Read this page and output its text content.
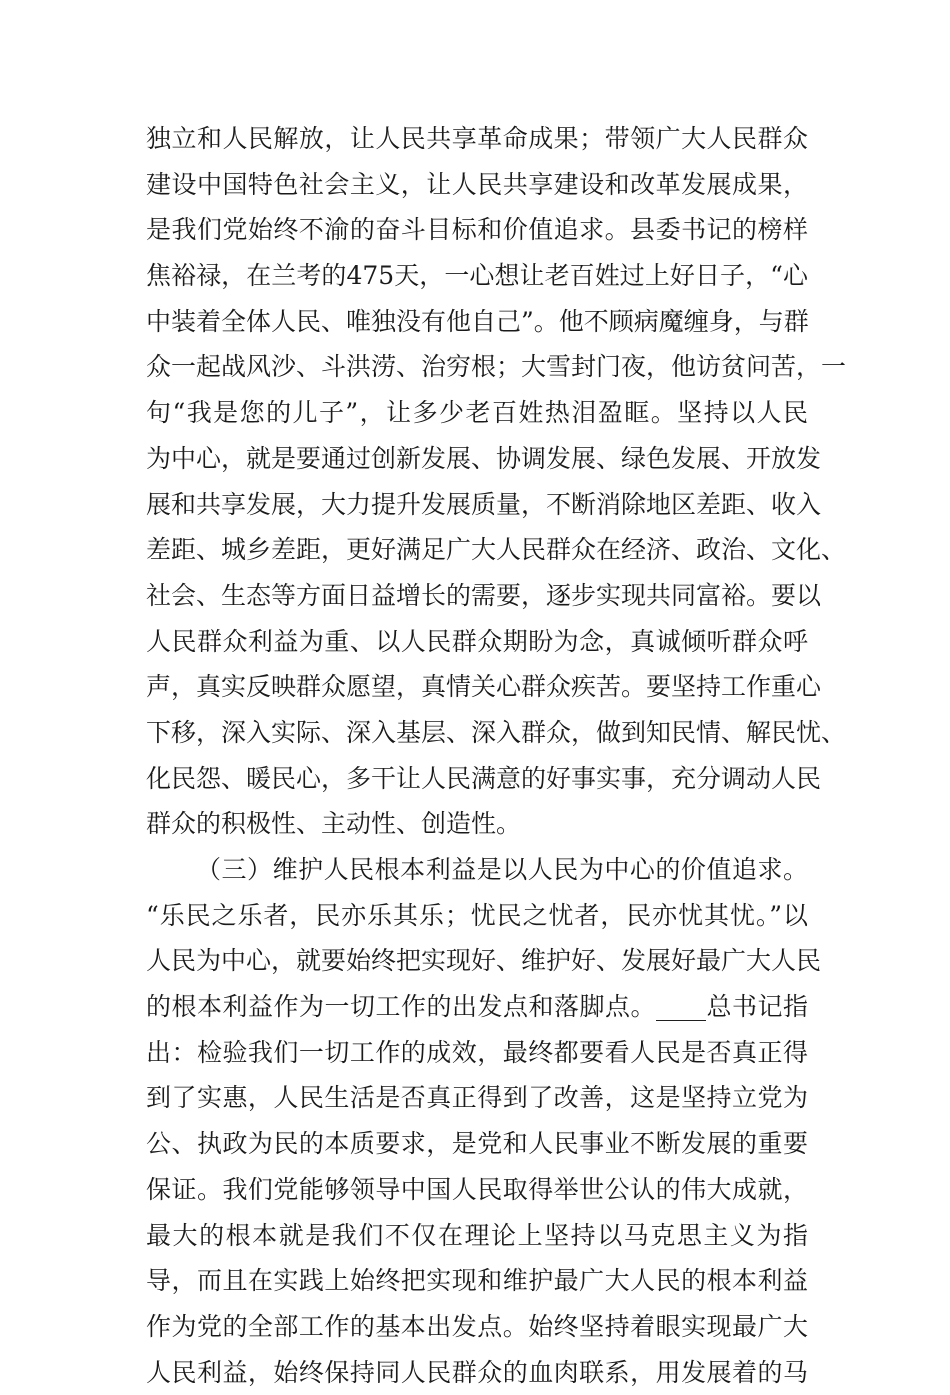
独立和人民解放，让人民共享革命成果；带领广大人民群众
建设中国特色社会主义，让人民共享建设和改革发展成果，
是我们党始终不渝的奋斗目标和价值追求。县委书记的榜样
焦裕禄，在兰考的475天，一心想让老百姓过上好日子，“心
中装着全体人民、唯独没有他自己”。他不顾病魔缠身，与群
众一起战风沙、斗洪涝、治穷根；大雪封门夜，他访贫问苦，一
句“我是您的儿子”，让多少老百姓热泪盈眶。坚持以人民
为中心，就是要通过创新发展、协调发展、绿色发展、开放发
展和共享发展，大力提升发展质量，不断消除地区差距、收入
差距、城乡差距，更好满足广大人民群众在经济、政治、文化、
社会、生态等方面日益增长的需要，逐步实现共同富裕。要以
人民群众利益为重、以人民群众期盼为念，真诚倾听群众呼
声，真实反映群众愿望，真情关心群众疾苦。要坚持工作重心
下移，深入实际、深入基层、深入群众，做到知民情、解民忧、
化民怨、暖民心，多干让人民满意的好事实事，充分调动人民
群众的积极性、主动性、创造性。
（三）维护人民根本利益是以人民为中心的价值追求。
“乐民之乐者，民亦乐其乐；忧民之忧者，民亦忧其忧。”以
人民为中心，就要始终把实现好、维护好、发展好最广大人民
的根本利益作为一切工作的出发点和落脚点。____总书记指
出：检验我们一切工作的成效，最终都要看人民是否真正得
到了实惠，人民生活是否真正得到了改善，这是坚持立党为
公、执政为民的本质要求，是党和人民事业不断发展的重要
保证。我们党能够领导中国人民取得举世公认的伟大成就，
最大的根本就是我们不仅在理论上坚持以马克思主义为指
导，而且在实践上始终把实现和维护最广大人民的根本利益
作为党的全部工作的基本出发点。始终坚持着眼实现最广大
人民利益，始终保持同人民群众的血肉联系，用发展着的马
